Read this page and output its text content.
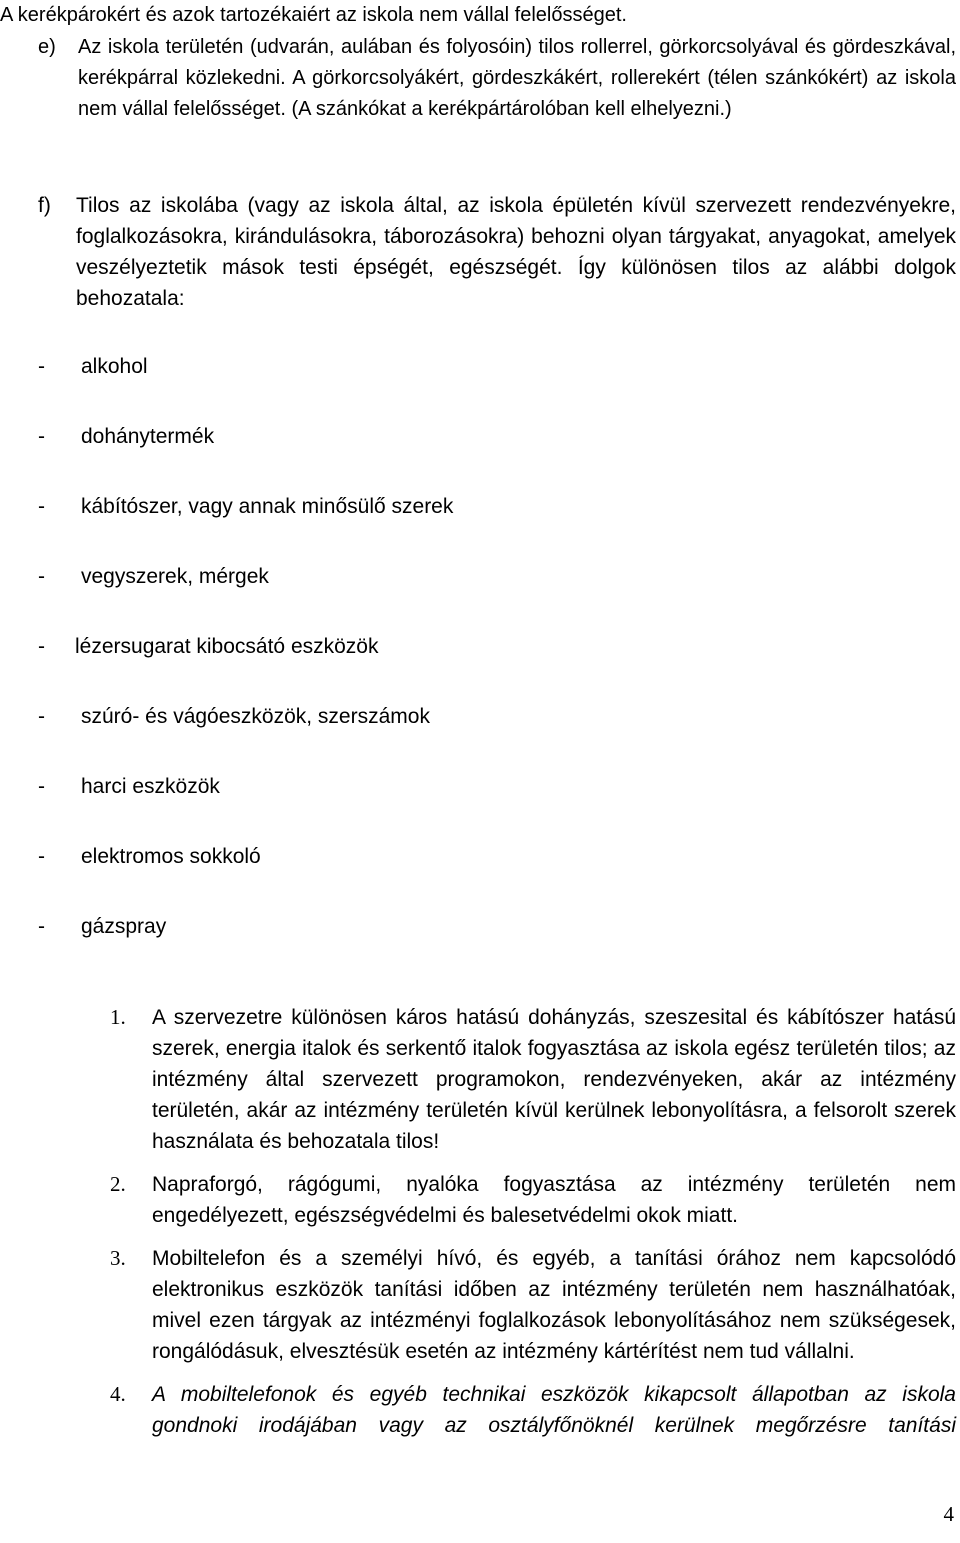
A kerékpárokért és azok tartozékaiért az iskola nem vállal felelősséget.
e) Az iskola területén (udvarán, aulában és folyosóin) tilos rollerrel, görkorcsolyával és gördeszkával, kerékpárral közlekedni. A görkorcsolyákért, gördeszkákért, rollerekért (télen szánkókért) az iskola nem vállal felelősséget. (A szánkókat a kerékpártárolóban kell elhelyezni.)
f) Tilos az iskolába (vagy az iskola által, az iskola épületén kívül szervezett rendezvényekre, foglalkozásokra, kirándulásokra, táborozásokra) behozni olyan tárgyakat, anyagokat, amelyek veszélyeztetik mások testi épségét, egészségét. Így különösen tilos az alábbi dolgok behozatala:
- alkohol
- dohánytermék
- kábítószer, vagy annak minősülő szerek
- vegyszerek, mérgek
- lézersugarat kibocsátó eszközök
- szúró- és vágóeszközök, szerszámok
- harci eszközök
- elektromos sokkoló
- gázspray
1. A szervezetre különösen káros hatású dohányzás, szeszesital és kábítószer hatású szerek, energia italok és serkentő italok fogyasztása az iskola egész területén tilos; az intézmény által szervezett programokon, rendezvényeken, akár az intézmény területén, akár az intézmény területén kívül kerülnek lebonyolításra, a felsorolt szerek használata és behozatala tilos!
2. Napraforgó, rágógumi, nyalóka fogyasztása az intézmény területén nem engedélyezett, egészségvédelmi és balesetvédelmi okok miatt.
3. Mobiltelefon és a személyi hívó, és egyéb, a tanítási órához nem kapcsolódó elektronikus eszközök tanítási időben az intézmény területén nem használhatóak, mivel ezen tárgyak az intézményi foglalkozások lebonyolításához nem szükségesek, rongálódásuk, elvesztésük esetén az intézmény kártérítést nem tud vállalni.
4. A mobiltelefonok és egyéb technikai eszközök kikapcsolt állapotban az iskola gondnoki irodájában vagy az osztályfőnöknél kerülnek megőrzésre tanítási
4
